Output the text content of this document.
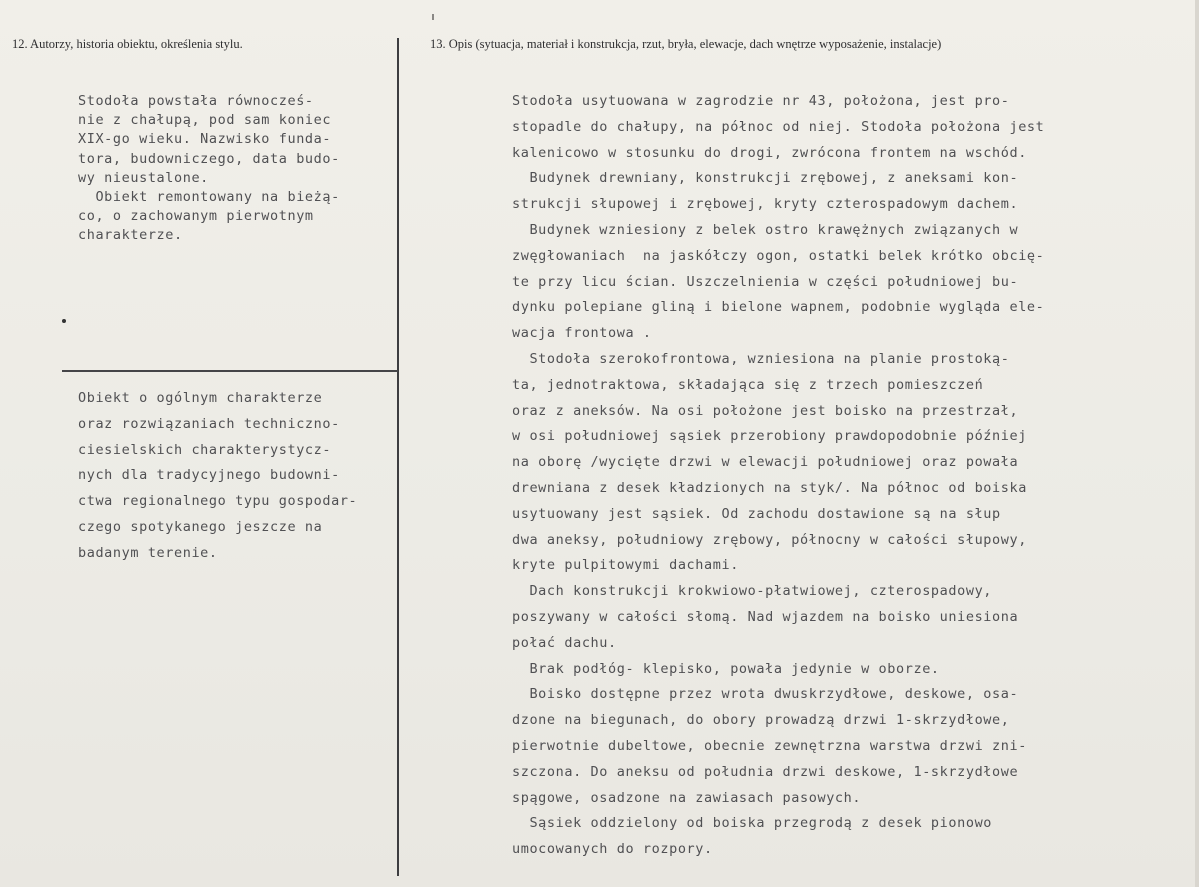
12. Autorzy, historia obiektu, określenia stylu.	13. Opis (sytuacja, materiał i konstrukcja, rzut, bryła, elewacje, dach wnętrze wyposażenie, instalacje)
Stodoła powstała równocześ-
nie z chałupą, pod sam koniec
XIX-go wieku. Nazwisko funda-
tora, budowniczego, data budo-
wy nieustalone.
Obiekt remontowany na bieżą-
co, o zachowanym pierwotnym
charakterze.
Obiekt o ogólnym charakterze
oraz rozwiązaniach techniczno-
ciesielskich charakterystycz-
nych dla tradycyjnego budowni-
ctwa regionalnego typu gospodar-
czego spotykanego jeszcze na
badanym terenie.
Stodoła usytuowana w zagrodzie nr 43, położona, jest pro-
stopadle do chałupy, na północ od niej. Stodoła położona jest
kalenicowo w stosunku do drogi, zwrócona frontem na wschód.
Budynek drewniany, konstrukcji zrębowej, z aneksami kon-
strukcji słupowej i zrębowej, kryty czterospadowym dachem.
Budynek wzniesiony z belek ostro krawężnych związanych w
zwęgłowaniach  na jaskółczy ogon, ostatki belek krótko obcię-
te przy licu ścian. Uszczelnienia w części południowej bu-
dynku polepiane gliną i bielone wapnem, podobnie wygląda ele-
wacja frontowa .
Stodoła szerokofrontowa, wzniesiona na planie prostoką-
ta, jednotraktowa, składająca się z trzech pomieszczeń
oraz z aneksów. Na osi położone jest boisko na przestrzał,
w osi południowej sąsiek przerobiony prawdopodobnie później
na oborę /wycięte drzwi w elewacji południowej oraz powała
drewniana z desek kładzionych na styk/. Na północ od boiska
usytuowany jest sąsiek. Od zachodu dostawione są na słup
dwa aneksy, południowy zrębowy, północny w całości słupowy,
kryte pulpitowymi dachami.
Dach konstrukcji krokwiowo-płatwiowej, czterospadowy,
poszywany w całości słomą. Nad wjazdem na boisko uniesiona
połać dachu.
Brak podłóg- klepisko, powała jedynie w oborze.
Boisko dostępne przez wrota dwuskrzydłowe, deskowe, osa-
dzone na biegunach, do obory prowadzą drzwi 1-skrzydłowe,
pierwotnie dubeltowe, obecnie zewnętrzna warstwa drzwi zni-
szczona. Do aneksu od południa drzwi deskowe, 1-skrzydłowe
spągowe, osadzone na zawiasach pasowych.
Sąsiek oddzielony od boiska przegrodą z desek pionowo
umocowanych do rozpory.
